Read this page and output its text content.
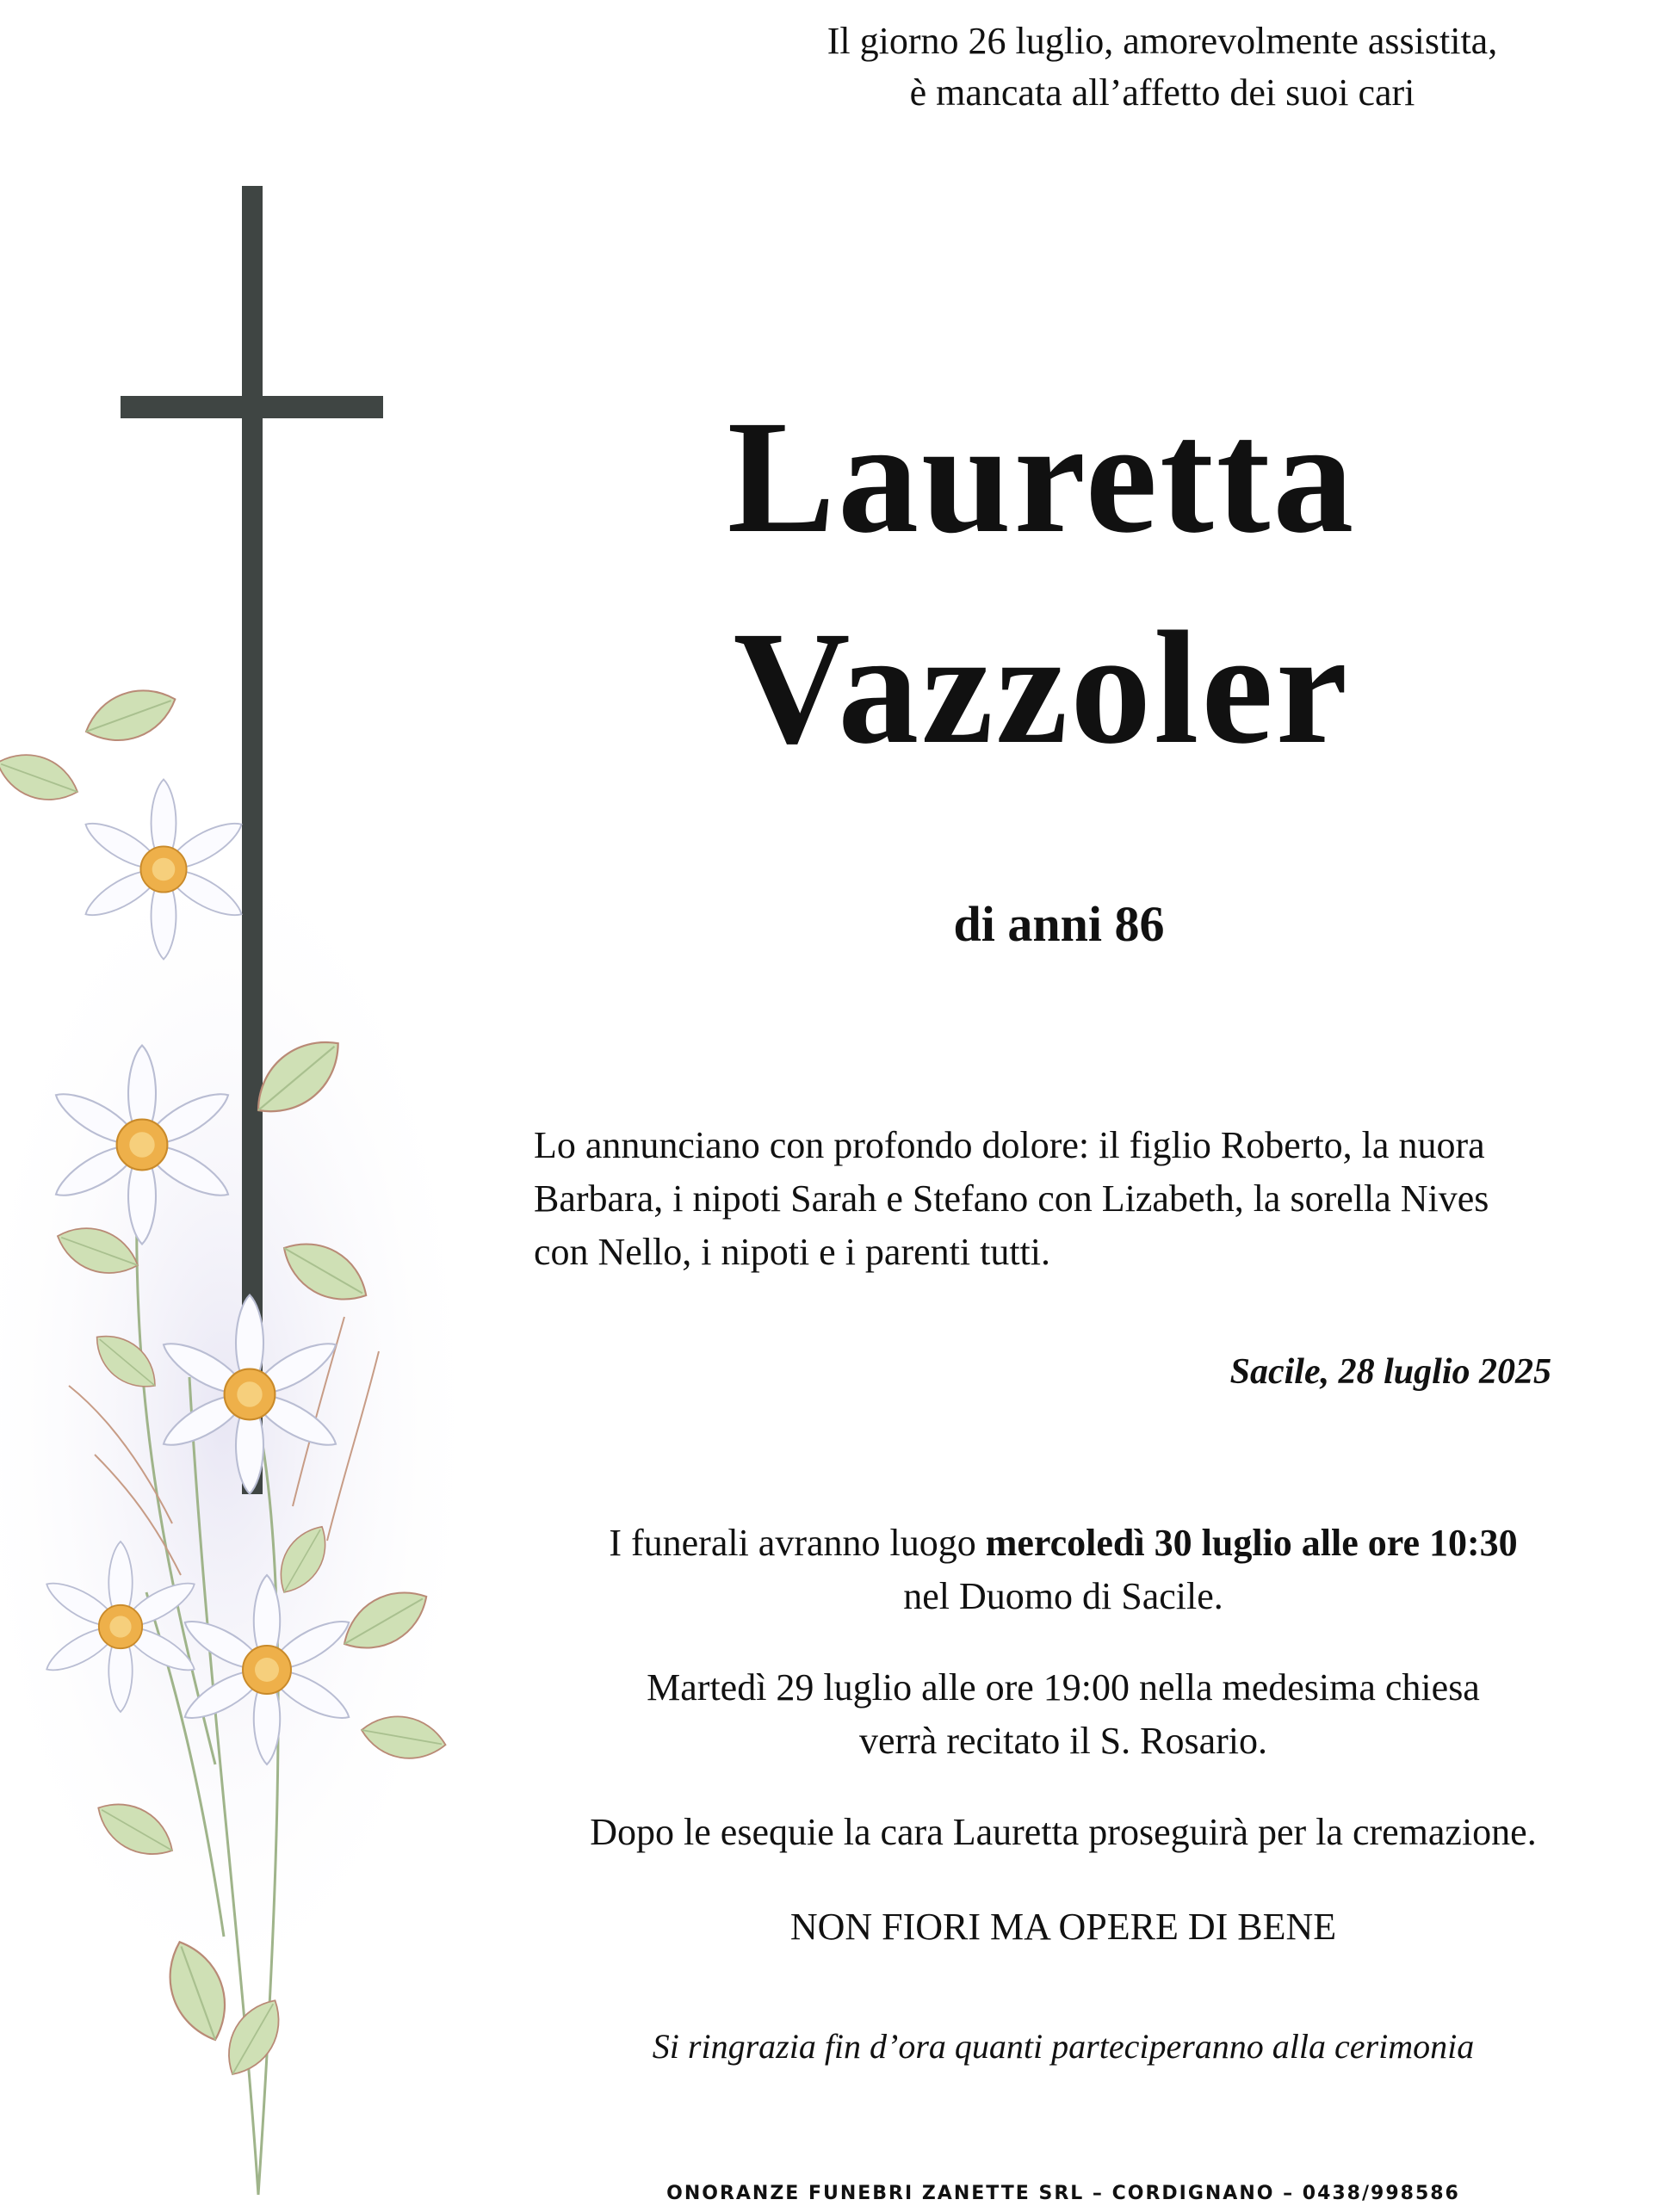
Il giorno 26 luglio, amorevolmente assistita,
è mancata all’affetto dei suoi cari
Lauretta
Vazzoler
di anni 86
Lo annunciano con profondo dolore: il figlio Roberto, la nuora
Barbara, i nipoti Sarah e Stefano con Lizabeth, la sorella Nives
con Nello, i nipoti e i parenti tutti.
Sacile, 28 luglio 2025
I funerali avranno luogo mercoledì 30 luglio alle ore 10:30
nel Duomo di Sacile.
Martedì 29 luglio alle ore 19:00 nella medesima chiesa
verrà recitato il S. Rosario.
Dopo le esequie la cara Lauretta proseguirà per la cremazione.
NON FIORI MA OPERE DI BENE
Si ringrazia fin d’ora quanti parteciperanno alla cerimonia
ONORANZE FUNEBRI ZANETTE SRL – CORDIGNANO – 0438/998586
